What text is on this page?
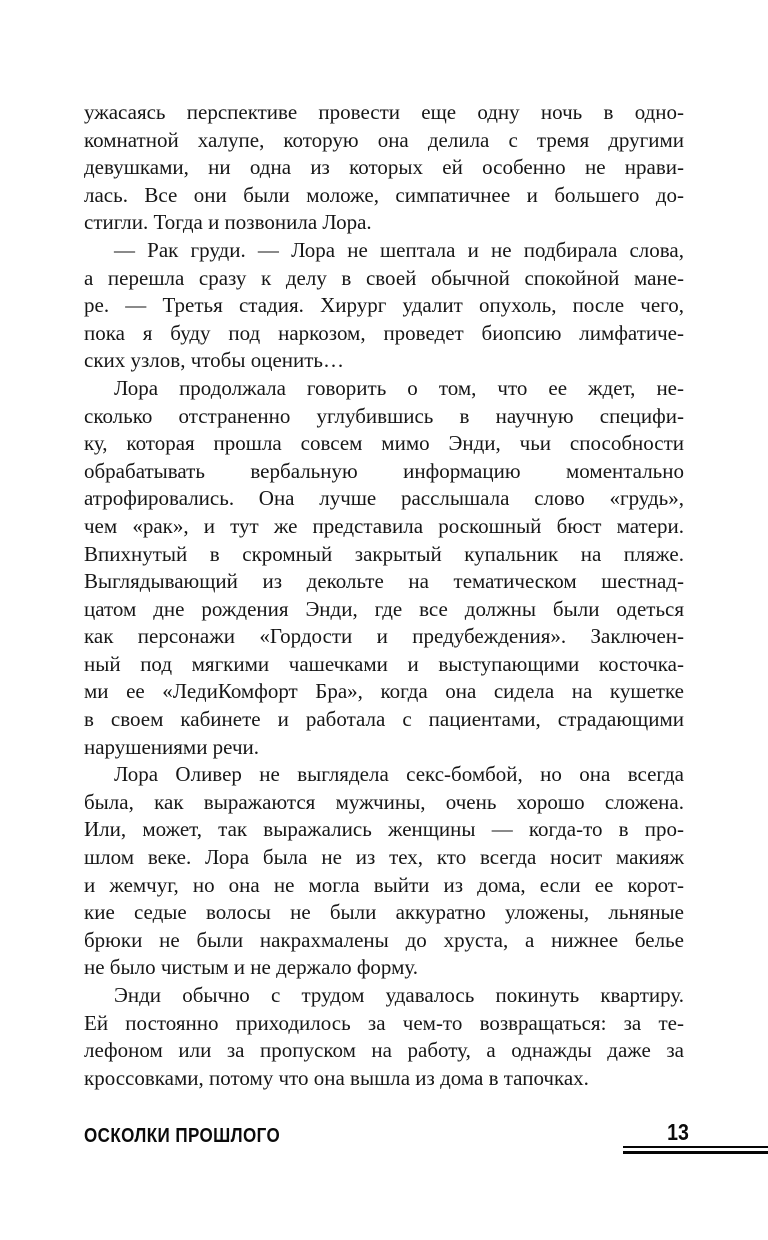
ужасаясь перспективе провести еще одну ночь в одно-
комнатной халупе, которую она делила с тремя другими
девушками, ни одна из которых ей особенно не нрави-
лась. Все они были моложе, симпатичнее и большего до-
стигли. Тогда и позвонила Лора.
— Рак груди. — Лора не шептала и не подбирала слова,
а перешла сразу к делу в своей обычной спокойной мане-
ре. — Третья стадия. Хирург удалит опухоль, после чего,
пока я буду под наркозом, проведет биопсию лимфатиче-
ских узлов, чтобы оценить…
Лора продолжала говорить о том, что ее ждет, не-
сколько отстраненно углубившись в научную специфи-
ку, которая прошла совсем мимо Энди, чьи способности
обрабатывать вербальную информацию моментально
атрофировались. Она лучше расслышала слово «грудь»,
чем «рак», и тут же представила роскошный бюст матери.
Впихнутый в скромный закрытый купальник на пляже.
Выглядывающий из декольте на тематическом шестнад-
цатом дне рождения Энди, где все должны были одеться
как персонажи «Гордости и предубеждения». Заключен-
ный под мягкими чашечками и выступающими косточка-
ми ее «ЛедиКомфорт Бра», когда она сидела на кушетке
в своем кабинете и работала с пациентами, страдающими
нарушениями речи.
Лора Оливер не выглядела секс-бомбой, но она всегда
была, как выражаются мужчины, очень хорошо сложена.
Или, может, так выражались женщины — когда-то в про-
шлом веке. Лора была не из тех, кто всегда носит макияж
и жемчуг, но она не могла выйти из дома, если ее корот-
кие седые волосы не были аккуратно уложены, льняные
брюки не были накрахмалены до хруста, а нижнее белье
не было чистым и не держало форму.
Энди обычно с трудом удавалось покинуть квартиру.
Ей постоянно приходилось за чем-то возвращаться: за те-
лефоном или за пропуском на работу, а однажды даже за
кроссовками, потому что она вышла из дома в тапочках.
ОСКОЛКИ ПРОШЛОГО	13
